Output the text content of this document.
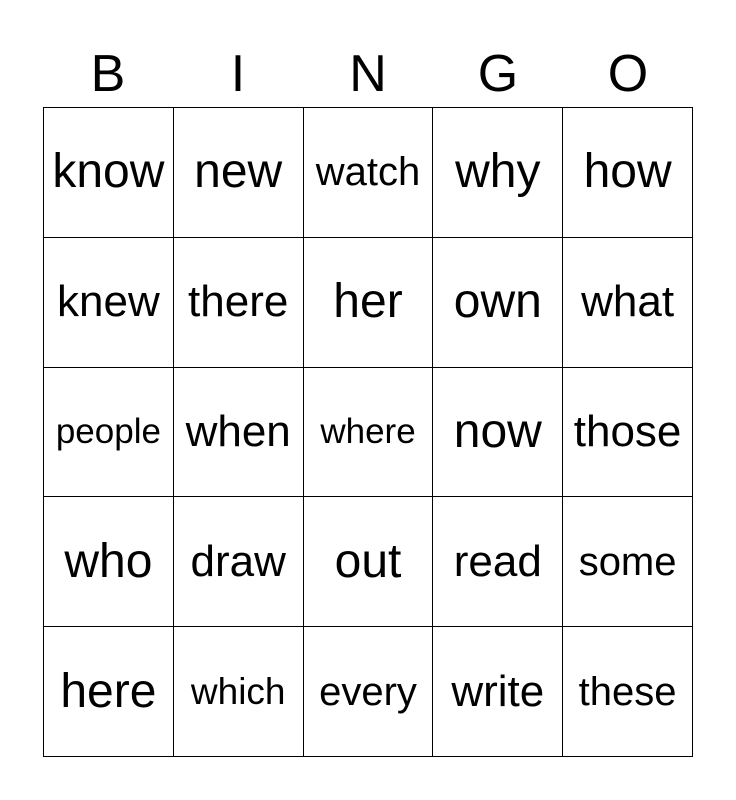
B	I	N	G	O
know new watch why how
knew there her	own what
people when where now those
who draw	out	read some
here which every write these
